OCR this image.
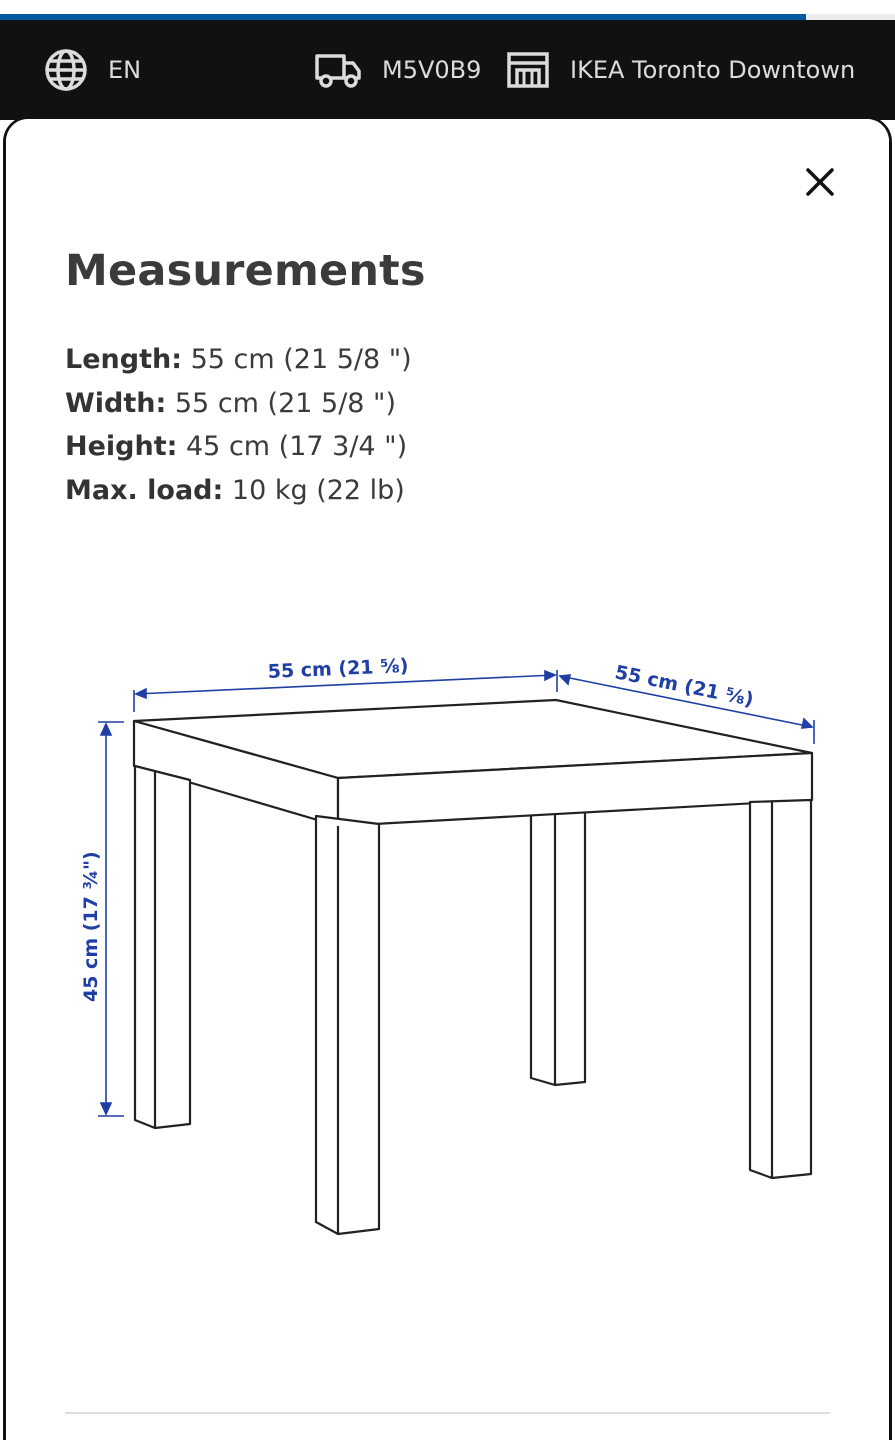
EN	M5V0B9	IKEA Toronto Downtown
Measurements
Length: 55 cm (21 5/8 ")
Width: 55 cm (21 5/8 ")
Height: 45 cm (17 3/4 ")
Max. load: 10 kg (22 lb)
55 cm (21 ⅝)	55 cm (21 ⅝)
45 cm (17 ¾")
